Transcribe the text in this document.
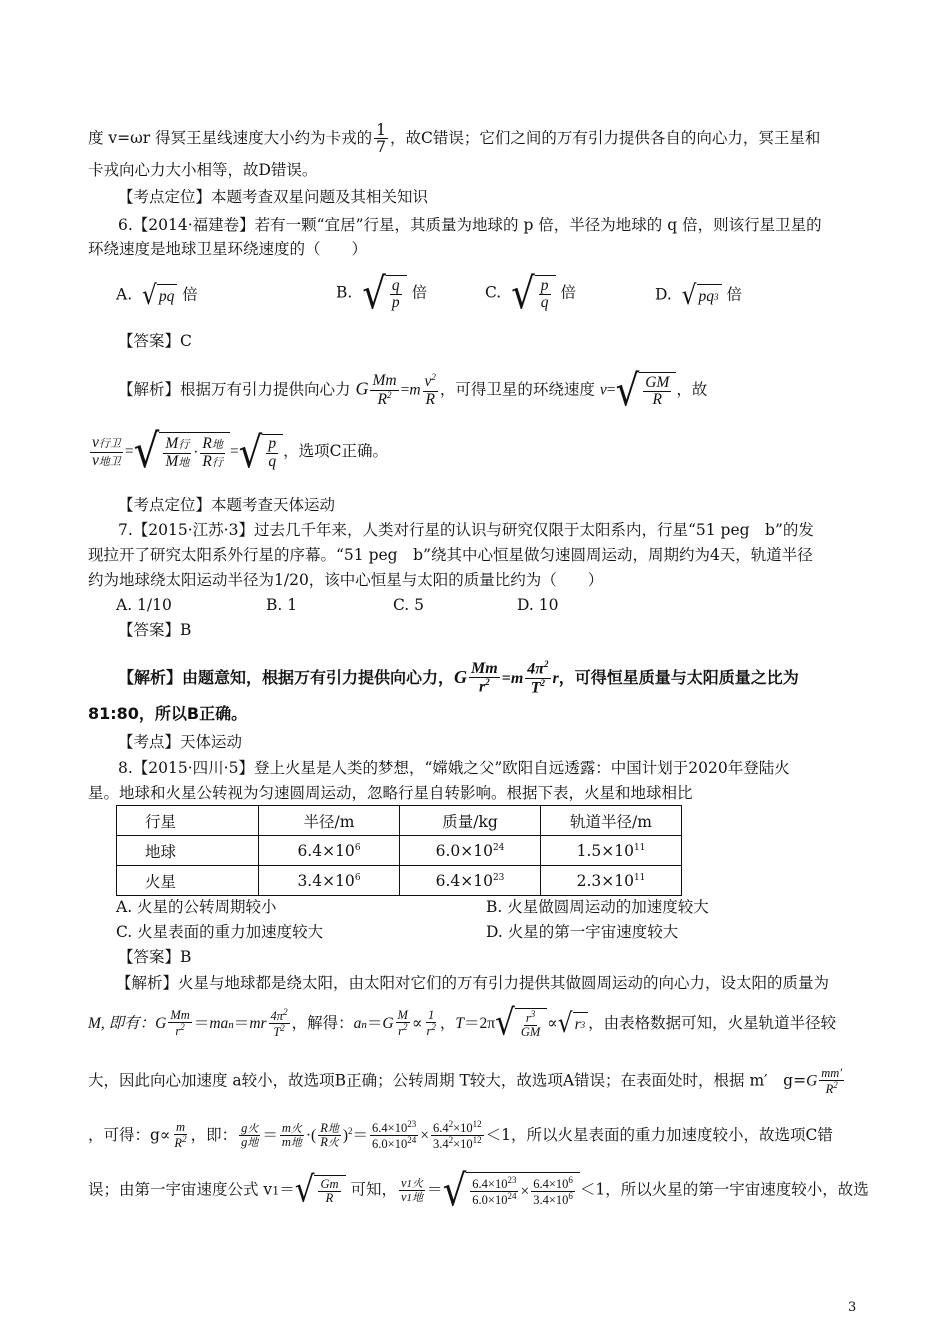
度 v=ωr 得冥王星线速度大小约为卡戎的 $\frac{1}{7}$ ，故C错误；它们之间的万有引力提供各自的向心力，冥王星和
卡戎向心力大小相等，故D错误。
【考点定位】本题考查双星问题及其相关知识
6.【2014·福建卷】若有一颗“宜居”行星，其质量为地球的 p 倍，半径为地球的 q 倍，则该行星卫星的
环绕速度是地球卫星环绕速度的（　　）
A. √ pq 倍	B. √ $\frac{q}{p}$ 倍	C. √ $\frac{p}{q}$ 倍	D. √ pq 3 倍
【答案】C
【解析】根据万有引力提供向心力 G $\frac{Mm}{R^2} =m \frac{v^2}{R}$ ，可得卫星的环绕速度 v= √ $\frac{GM}{R}$ ，故
$\frac{\text{v行卫}}{\text{v地卫}}$ = √ $\frac{\text{M行}}{\text{M地}} \cdot \frac{\text{R地}}{\text{R行}}$ = √ $\frac{p}{q}$ ，选项C正确。
【考点定位】本题考查天体运动
7.【2015·江苏·3】过去几千年来，人类对行星的认识与研究仅限于太阳系内，行星“51 peg　b”的发
现拉开了研究太阳系外行星的序幕。“51 peg　b”绕其中心恒星做匀速圆周运动，周期约为4天，轨道半径
约为地球绕太阳运动半径为1/20，该中心恒星与太阳的质量比约为（　　）
A. 1/10	B. 1	C. 5	D. 10
【答案】B
【解析】由题意知，根据万有引力提供向心力，G $\frac{Mm}{r^2} =m \frac{4\pi^2}{T^2}$ r，可得恒星质量与太阳质量之比为
81:80，所以B正确。
【考点】天体运动
8.【2015·四川·5】登上火星是人类的梦想，“嫦娥之父”欧阳自远透露：中国计划于2020年登陆火
星。地球和火星公转视为匀速圆周运动，忽略行星自转影响。根据下表，火星和地球相比
行星	半径/m	质量/kg	轨道半径/m
地球	$6.4\times 10^6$	$6.0\times 10^{24}$	$1.5\times 10^{11}$
火星	$3.4\times 10^6$	$6.4\times 10^{23}$	$2.3\times 10^{11}$
A. 火星的公转周期较小	B. 火星做圆周运动的加速度较大
C. 火星表面的重力加速度较大	D. 火星的第一宇宙速度较大
【答案】B
【解析】火星与地球都是绕太阳，由太阳对它们的万有引力提供其做圆周运动的向心力，设太阳的质量为
M, 即有：G $\frac{Mm}{r^2} =man=mr \frac{4\pi^2}{T^2}$ ，解得：$an=G \frac{M}{r^2} \propto \frac{1}{r^2}$ ，T＝2π √ $\frac{r^3}{GM}$ ∝ √ r 3 ，由表格数据可知，火星轨道半径较
大，因此向心加速度 a较小，故选项B正确；公转周期 T较大，故选项A错误；在表面处时，根据 m′　$g=G \frac{mm'}{R^2}$
，可得：$g\propto \frac{m}{R^2}$ ，即： $\frac{\text{g火}}{\text{g地}} = \frac{\text{m火}}{\text{m地}}$ ·( $\frac{\text{R地}}{\text{R火}} )^2= \frac{6.4\times 10^{23}}{6.0\times 10^{24}} \times \frac{6.4^2\times 10^{12}}{3.4^2\times 10^{12}} <1$，所以火星表面的重力加速度较小，故选项C错
误；由第一宇宙速度公式 v1＝ √ $\frac{Gm}{R}$ 可知， $\frac{\text{v1火}}{\text{v1地}}$ ＝ √ $\frac{6.4\times 10^{23}}{6.0\times 10^{24}} \times \frac{6.4\times 10^6}{3.4\times 10^6} <1$，所以火星的第一宇宙速度较小，故选
3
